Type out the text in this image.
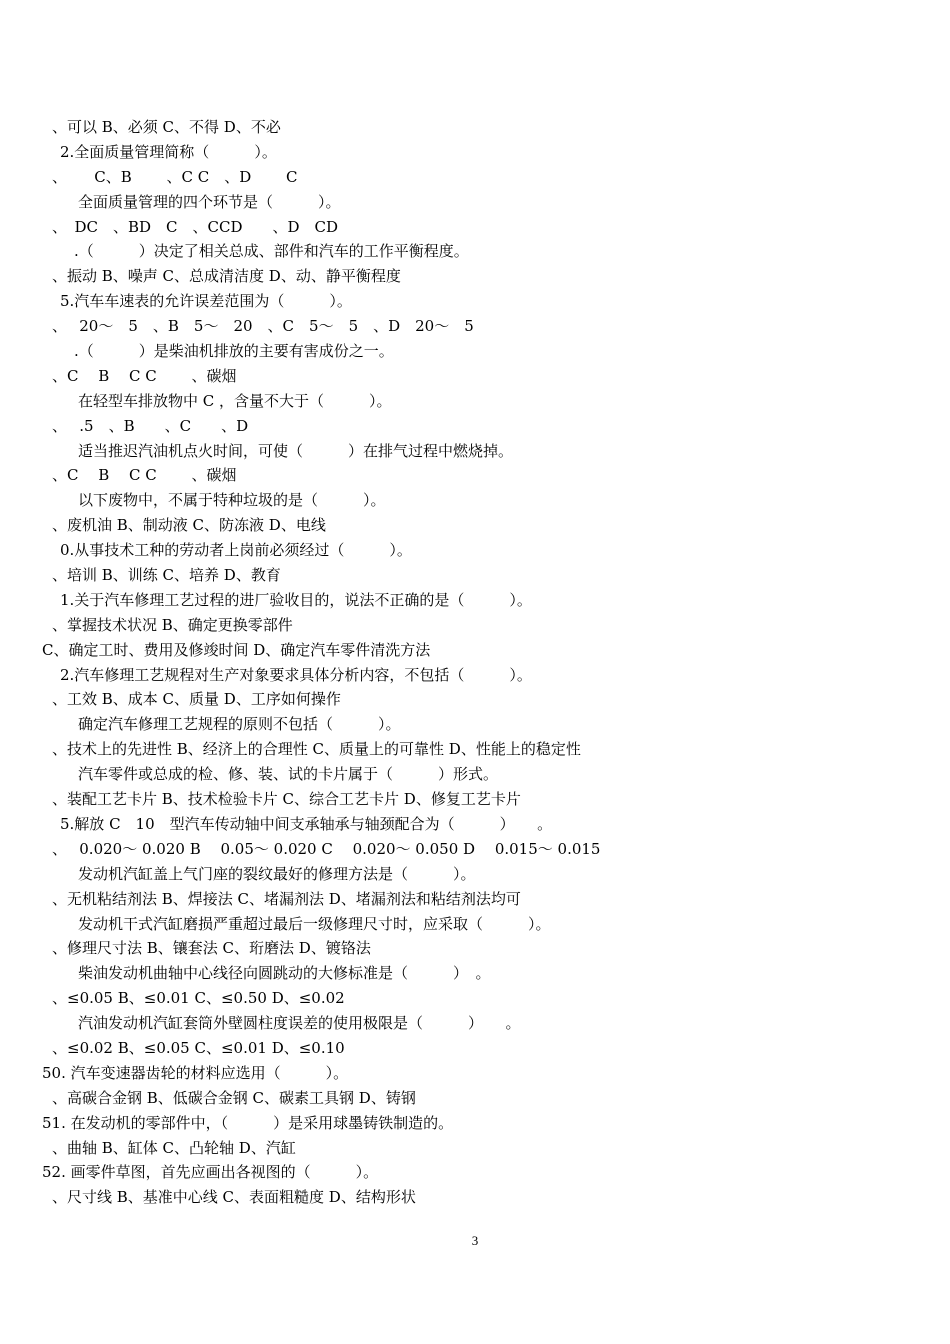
、可以 B、必须 C、不得 D、不必
2.全面质量管理简称（　　　）。
、　　 C、B　　 、C C　、D　　 C
全面质量管理的四个环节是（　　　）。
、　DC　、BD　C　、CCD　　、D　CD
.（　　　）决定了相关总成、部件和汽车的工作平衡程度。
、振动 B、噪声 C、总成清洁度 D、动、静平衡程度
5.汽车车速表的允许误差范围为（　　　）。
、　 20～　5　、B　5～　20　、C　5～　5　、D　20～　5
.（　　　）是柴油机排放的主要有害成份之一。
、C　 B　 C C　　 、碳烟
在轻型车排放物中 C ，含量不大于（　　　）。
、　 .5　、B　　、C　　、D
适当推迟汽油机点火时间，可使（　　　）在排气过程中燃烧掉。
、C　 B　 C C　　 、碳烟
以下废物中，不属于特种垃圾的是（　　　）。
、废机油 B、制动液 C、防冻液 D、电线
0.从事技术工种的劳动者上岗前必须经过（　　　）。
、培训 B、训练 C、培养 D、教育
1.关于汽车修理工艺过程的进厂验收目的，说法不正确的是（　　　）。
、掌握技术状况 B、确定更换零部件
C、确定工时、费用及修竣时间 D、确定汽车零件清洗方法
2.汽车修理工艺规程对生产对象要求具体分析内容，不包括（　　　）。
、工效 B、成本 C、质量 D、工序如何操作
确定汽车修理工艺规程的原则不包括（　　　）。
、技术上的先进性 B、经济上的合理性 C、质量上的可靠性 D、性能上的稳定性
汽车零件或总成的检、修、装、试的卡片属于（　　　）形式。
、装配工艺卡片 B、技术检验卡片 C、综合工艺卡片 D、修复工艺卡片
5.解放 C　10　型汽车传动轴中间支承轴承与轴颈配合为（　　　）　　。
、　 0.020～ 0.020 B　 0.05～ 0.020 C　 0.020～ 0.050 D　 0.015～ 0.015
发动机汽缸盖上气门座的裂纹最好的修理方法是（　　　）。
、无机粘结剂法 B、焊接法 C、堵漏剂法 D、堵漏剂法和粘结剂法均可
发动机干式汽缸磨损严重超过最后一级修理尺寸时，应采取（　　　）。
、修理尺寸法 B、镶套法 C、珩磨法 D、镀铬法
柴油发动机曲轴中心线径向圆跳动的大修标准是（　　　）　。
、≤0.05 B、≤0.01 C、≤0.50 D、≤0.02
汽油发动机汽缸套筒外壁圆柱度误差的使用极限是（　　　）　　。
、≤0.02 B、≤0.05 C、≤0.01 D、≤0.10
50. 汽车变速器齿轮的材料应选用（　　　）。
、高碳合金钢 B、低碳合金钢 C、碳素工具钢 D、铸钢
51. 在发动机的零部件中，（　　　）是采用球墨铸铁制造的。
、曲轴 B、缸体 C、凸轮轴 D、汽缸
52. 画零件草图，首先应画出各视图的（　　　）。
、尺寸线 B、基准中心线 C、表面粗糙度 D、结构形状
3
